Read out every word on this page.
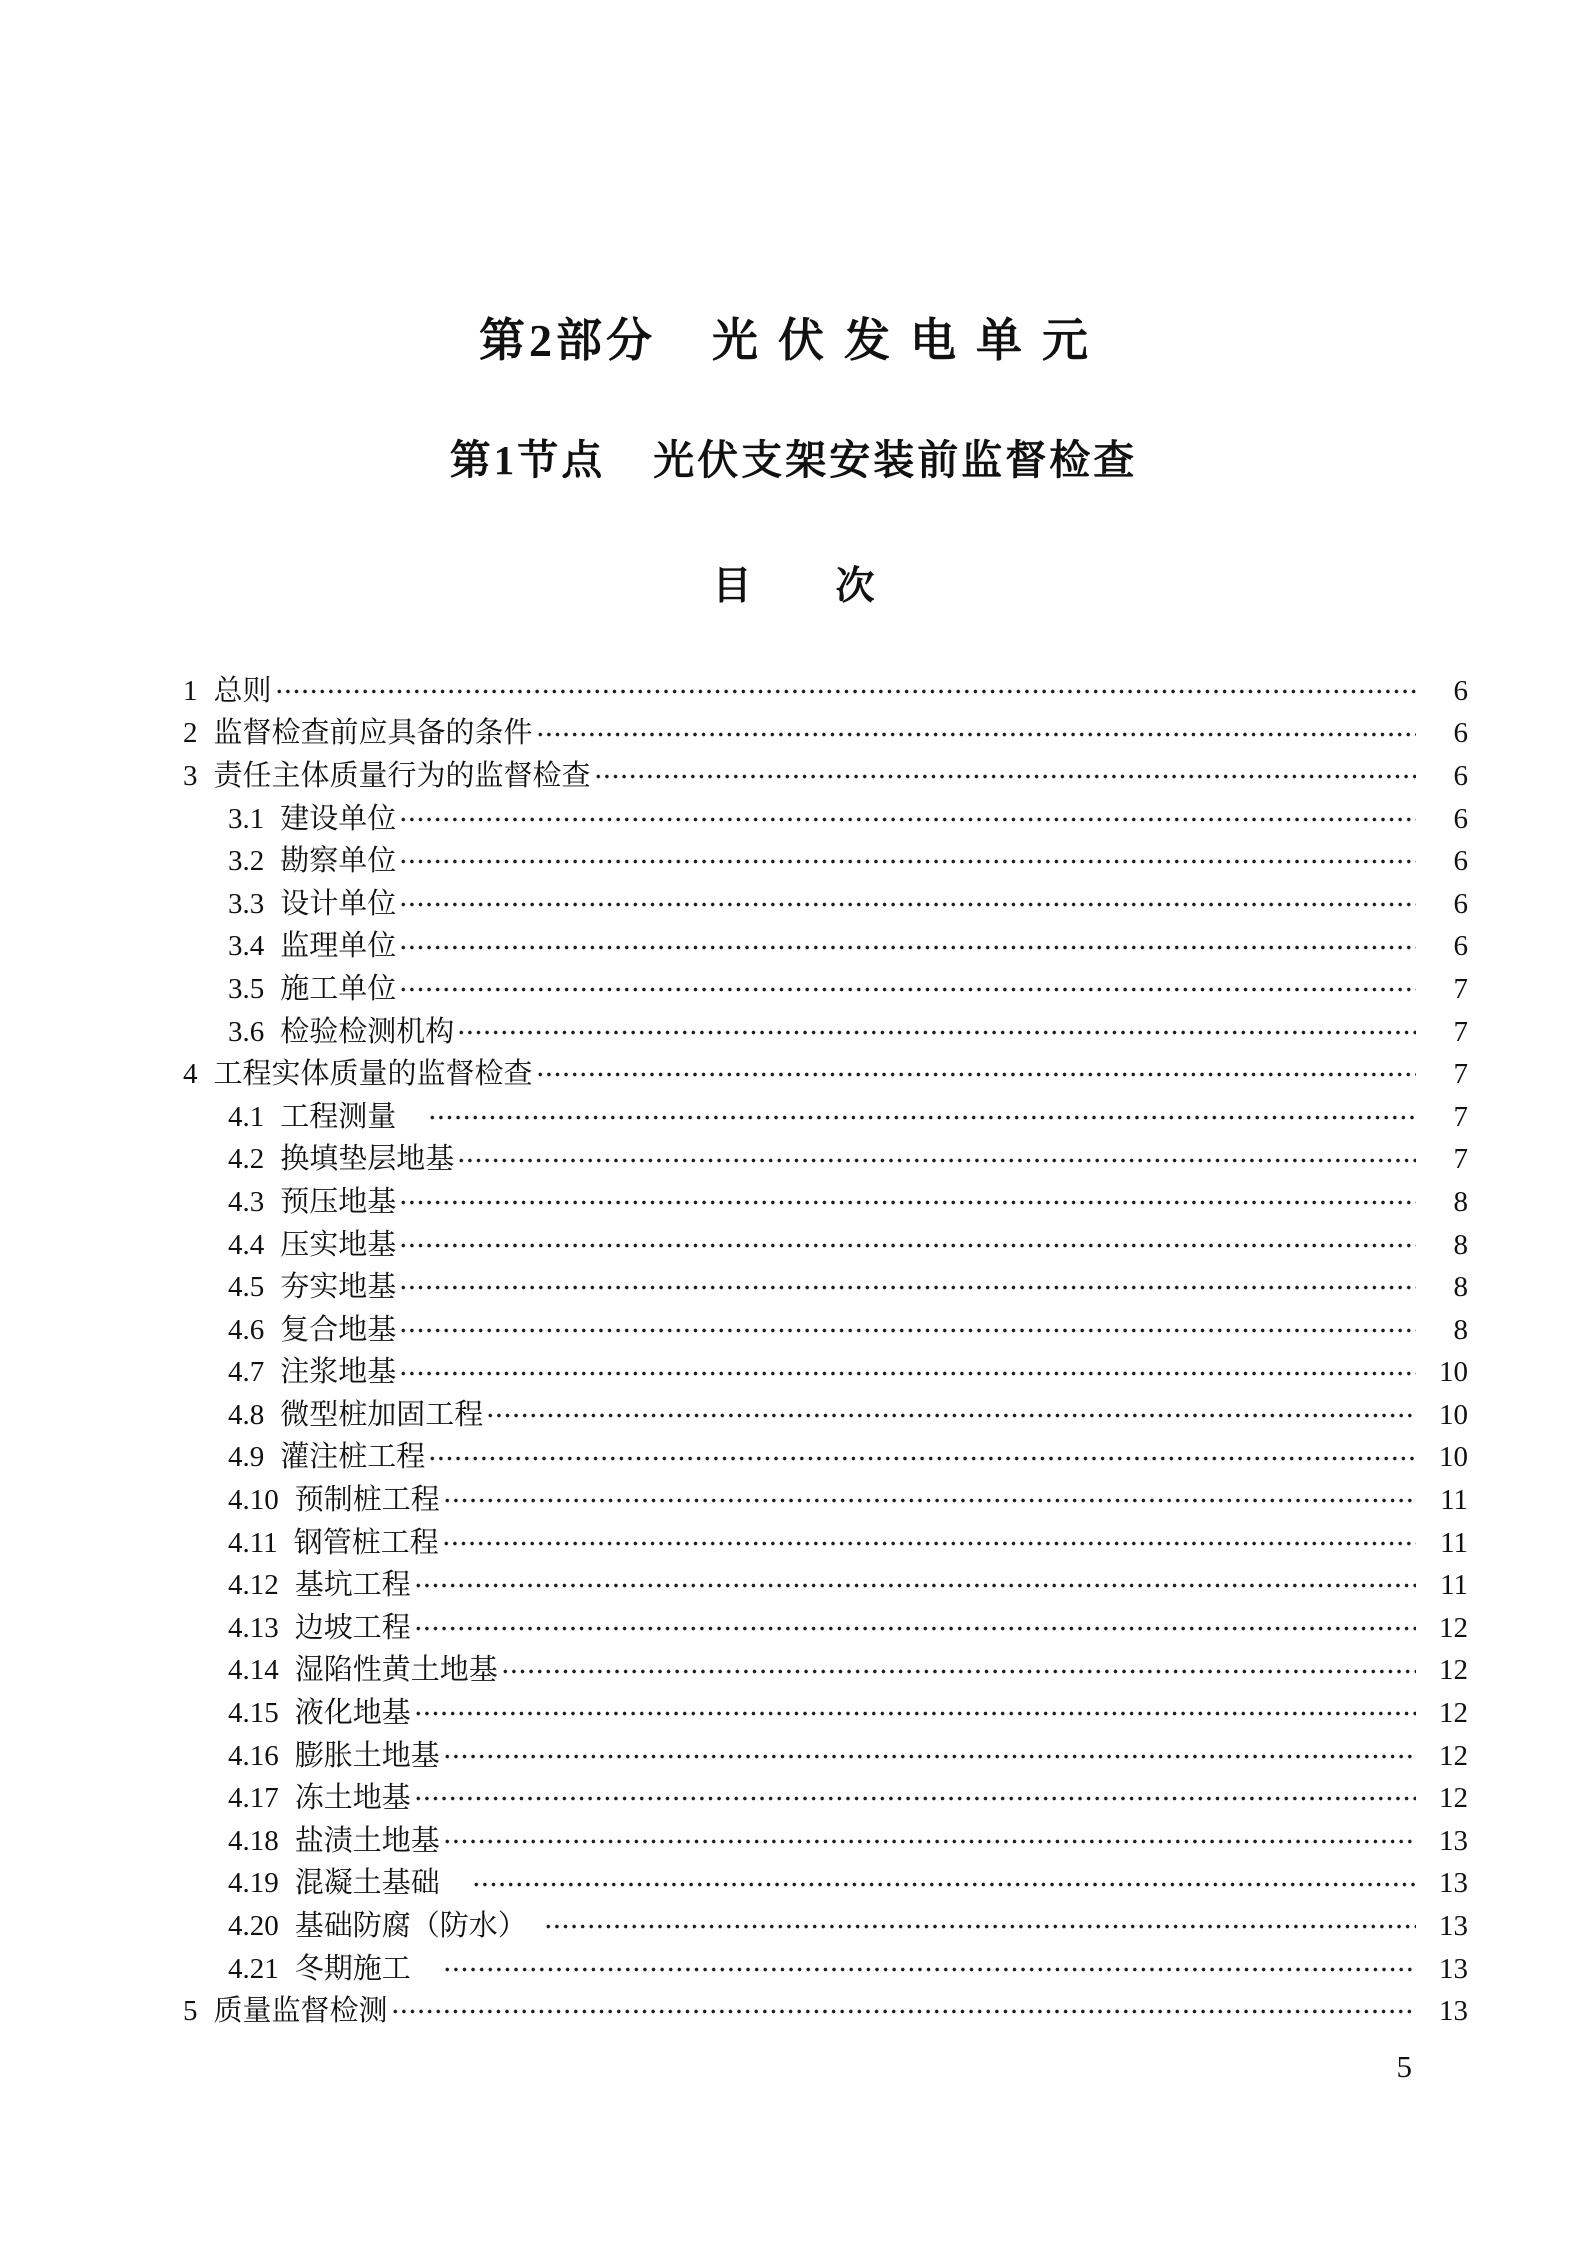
第2部分 光伏发电单元
第1节点 光伏支架安装前监督检查
目 次
1 总则	6
2 监督检查前应具备的条件	6
3 责任主体质量行为的监督检查	6
3.1 建设单位	6
3.2 勘察单位	6
3.3 设计单位	6
3.4 监理单位	6
3.5 施工单位	7
3.6 检验检测机构	7
4 工程实体质量的监督检查	7
4.1 工程测量　	7
4.2 换填垫层地基	7
4.3 预压地基	8
4.4 压实地基	8
4.5 夯实地基	8
4.6 复合地基	8
4.7 注浆地基	10
4.8 微型桩加固工程	10
4.9 灌注桩工程	10
4.10 预制桩工程	11
4.11 钢管桩工程	11
4.12 基坑工程	11
4.13 边坡工程	12
4.14 湿陷性黄土地基	12
4.15 液化地基	12
4.16 膨胀土地基	12
4.17 冻土地基	12
4.18 盐渍土地基	13
4.19 混凝土基础　	13
4.20 基础防腐（防水）　	13
4.21 冬期施工　	13
5 质量监督检测	13
5
